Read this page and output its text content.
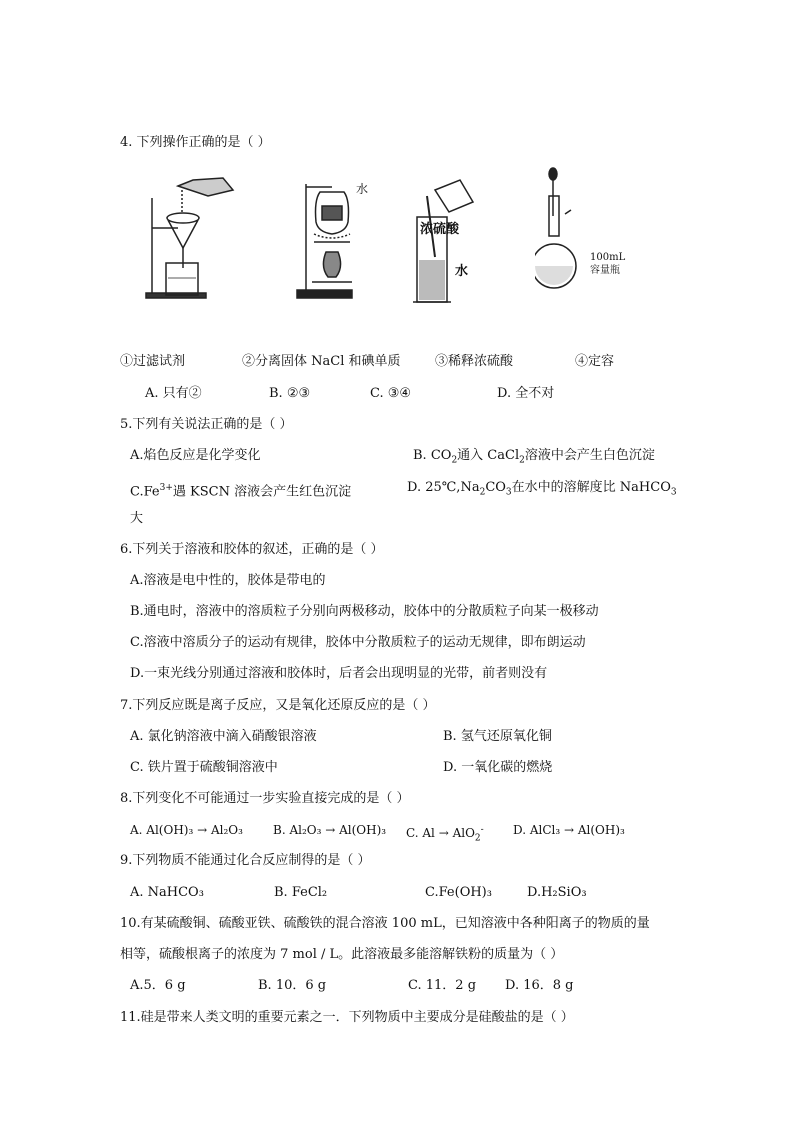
4. 下列操作正确的是（ ）
水
浓硫酸
水
100mL
容量瓶
①过滤试剂	②分离固体 NaCl 和碘单质	③稀释浓硫酸	④定容
A. 只有②	B. ②③	C. ③④	D. 全不对
5.下列有关说法正确的是（ ）
A.焰色反应是化学变化	B. $CO_2$通入 CaCl$_2$溶液中会产生白色沉淀
$C.Fe^{3+}$遇 KSCN 溶液会产生红色沉淀	D. $25℃,Na_2CO_3$在水中的溶解度比 NaHCO$_3$
大
6.下列关于溶液和胶体的叙述，正确的是（ ）
A.溶液是电中性的，胶体是带电的
B.通电时，溶液中的溶质粒子分别向两极移动，胶体中的分散质粒子向某一极移动
C.溶液中溶质分子的运动有规律，胶体中分散质粒子的运动无规律，即布朗运动
D.一束光线分别通过溶液和胶体时，后者会出现明显的光带，前者则没有
7.下列反应既是离子反应，又是氧化还原反应的是（ ）
A. 氯化钠溶液中滴入硝酸银溶液	B. 氢气还原氧化铜
C. 铁片置于硫酸铜溶液中	D. 一氧化碳的燃烧
8.下列变化不可能通过一步实验直接完成的是（ ）
A. Al(OH)₃ → Al₂O₃	B. Al₂O₃ → Al(OH)₃ C. Al → AlO$_2$- D. AlCl₃ → Al(OH)₃
9.下列物质不能通过化合反应制得的是（ ）
A. NaHCO₃	B. FeCl₂	C.Fe(OH)₃	D.H₂SiO₃
10.有某硫酸铜、硫酸亚铁、硫酸铁的混合溶液 100 mL，已知溶液中各种阳离子的物质的量
相等，硫酸根离子的浓度为 7 mol / L。此溶液最多能溶解铁粉的质量为（ ）
A.5．6 g	B. 10．6 g	C. 11．2 g D. 16．8 g
11.硅是带来人类文明的重要元素之一．下列物质中主要成分是硅酸盐的是（ ）
